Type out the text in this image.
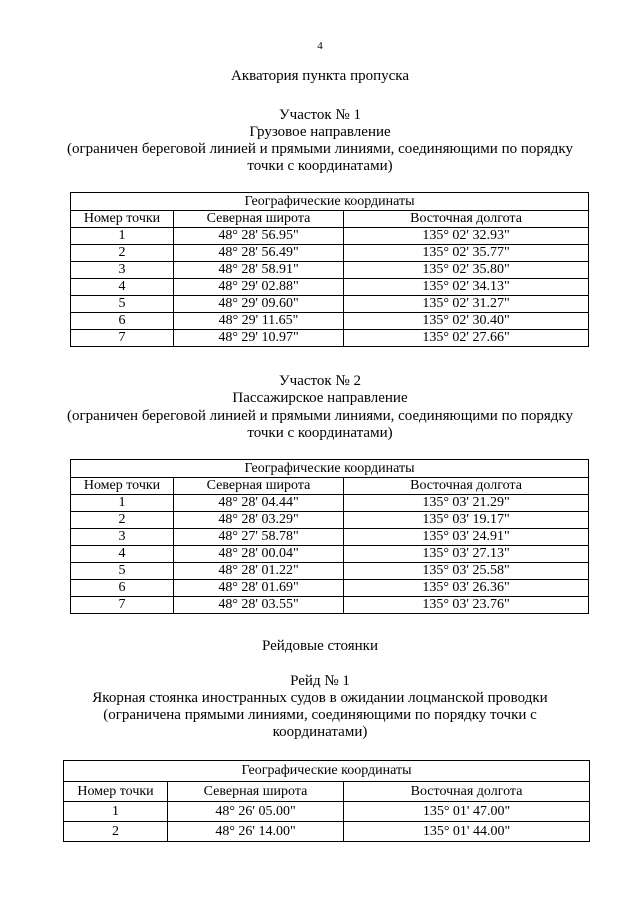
4
Акватория пункта пропуска
Участок № 1
Грузовое направление
(ограничен береговой линией и прямыми линиями, соединяющими по порядку
точки с координатами)
Географические координаты		
Номер точки	Северная широта	Восточная долгота
1	48° 28' 56.95"	135° 02' 32.93"
2	48° 28' 56.49"	135° 02' 35.77"
3	48° 28' 58.91"	135° 02' 35.80"
4	48° 29' 02.88"	135° 02' 34.13"
5	48° 29' 09.60"	135° 02' 31.27"
6	48° 29' 11.65"	135° 02' 30.40"
7	48° 29' 10.97"	135° 02' 27.66"
Участок № 2
Пассажирское направление
(ограничен береговой линией и прямыми линиями, соединяющими по порядку
точки с координатами)
Географические координаты		
Номер точки	Северная широта	Восточная долгота
1	48° 28' 04.44"	135° 03' 21.29"
2	48° 28' 03.29"	135° 03' 19.17"
3	48° 27' 58.78"	135° 03' 24.91"
4	48° 28' 00.04"	135° 03' 27.13"
5	48° 28' 01.22"	135° 03' 25.58"
6	48° 28' 01.69"	135° 03' 26.36"
7	48° 28' 03.55"	135° 03' 23.76"
Рейдовые стоянки
Рейд № 1
Якорная стоянка иностранных судов в ожидании лоцманской проводки
(ограничена прямыми линиями, соединяющими по порядку точки с
координатами)
Географические координаты		
Номер точки	Северная широта	Восточная долгота
1	48° 26' 05.00"	135° 01' 47.00"
2	48° 26' 14.00"	135° 01' 44.00"
